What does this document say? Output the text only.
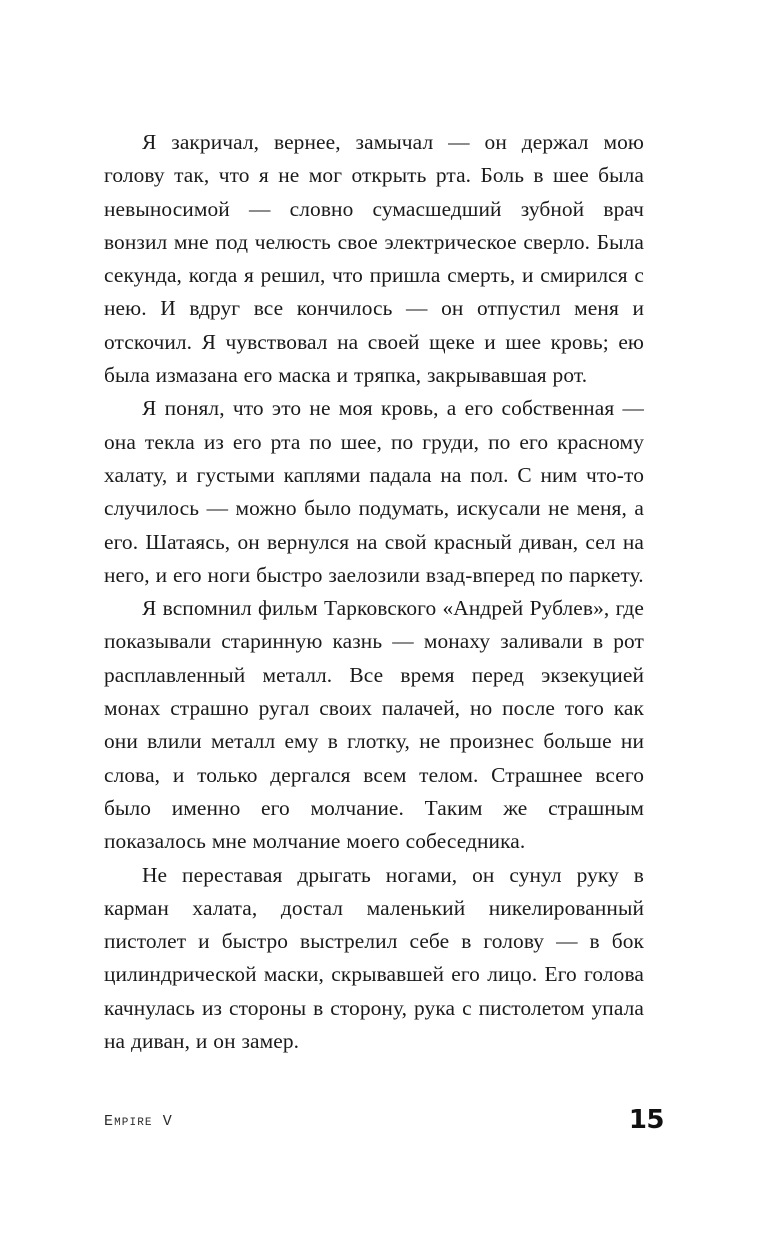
Я закричал, вернее, замычал — он держал мою голову так, что я не мог открыть рта. Боль в шее была невыносимой — словно сумасшедший зубной врач вонзил мне под челюсть свое электрическое сверло. Была секунда, когда я решил, что пришла смерть, и смирился с нею. И вдруг все кончилось — он отпустил меня и отскочил. Я чувствовал на своей щеке и шее кровь; ею была измазана его маска и тряпка, закрывавшая рот.

Я понял, что это не моя кровь, а его собственная — она текла из его рта по шее, по груди, по его красному халату, и густыми каплями падала на пол. С ним что-то случилось — можно было подумать, искусали не меня, а его. Шатаясь, он вернулся на свой красный диван, сел на него, и его ноги быстро заелозили взад-вперед по паркету.

Я вспомнил фильм Тарковского «Андрей Рублев», где показывали старинную казнь — монаху заливали в рот расплавленный металл. Все время перед экзекуцией монах страшно ругал своих палачей, но после того как они влили металл ему в глотку, не произнес больше ни слова, и только дергался всем телом. Страшнее всего было именно его молчание. Таким же страшным показалось мне молчание моего собеседника.

Не переставая дрыгать ногами, он сунул руку в карман халата, достал маленький никелированный пистолет и быстро выстрелил себе в голову — в бок цилиндрической маски, скрывавшей его лицо. Его голова качнулась из стороны в сторону, рука с пистолетом упала на диван, и он замер.

Empire V	15
